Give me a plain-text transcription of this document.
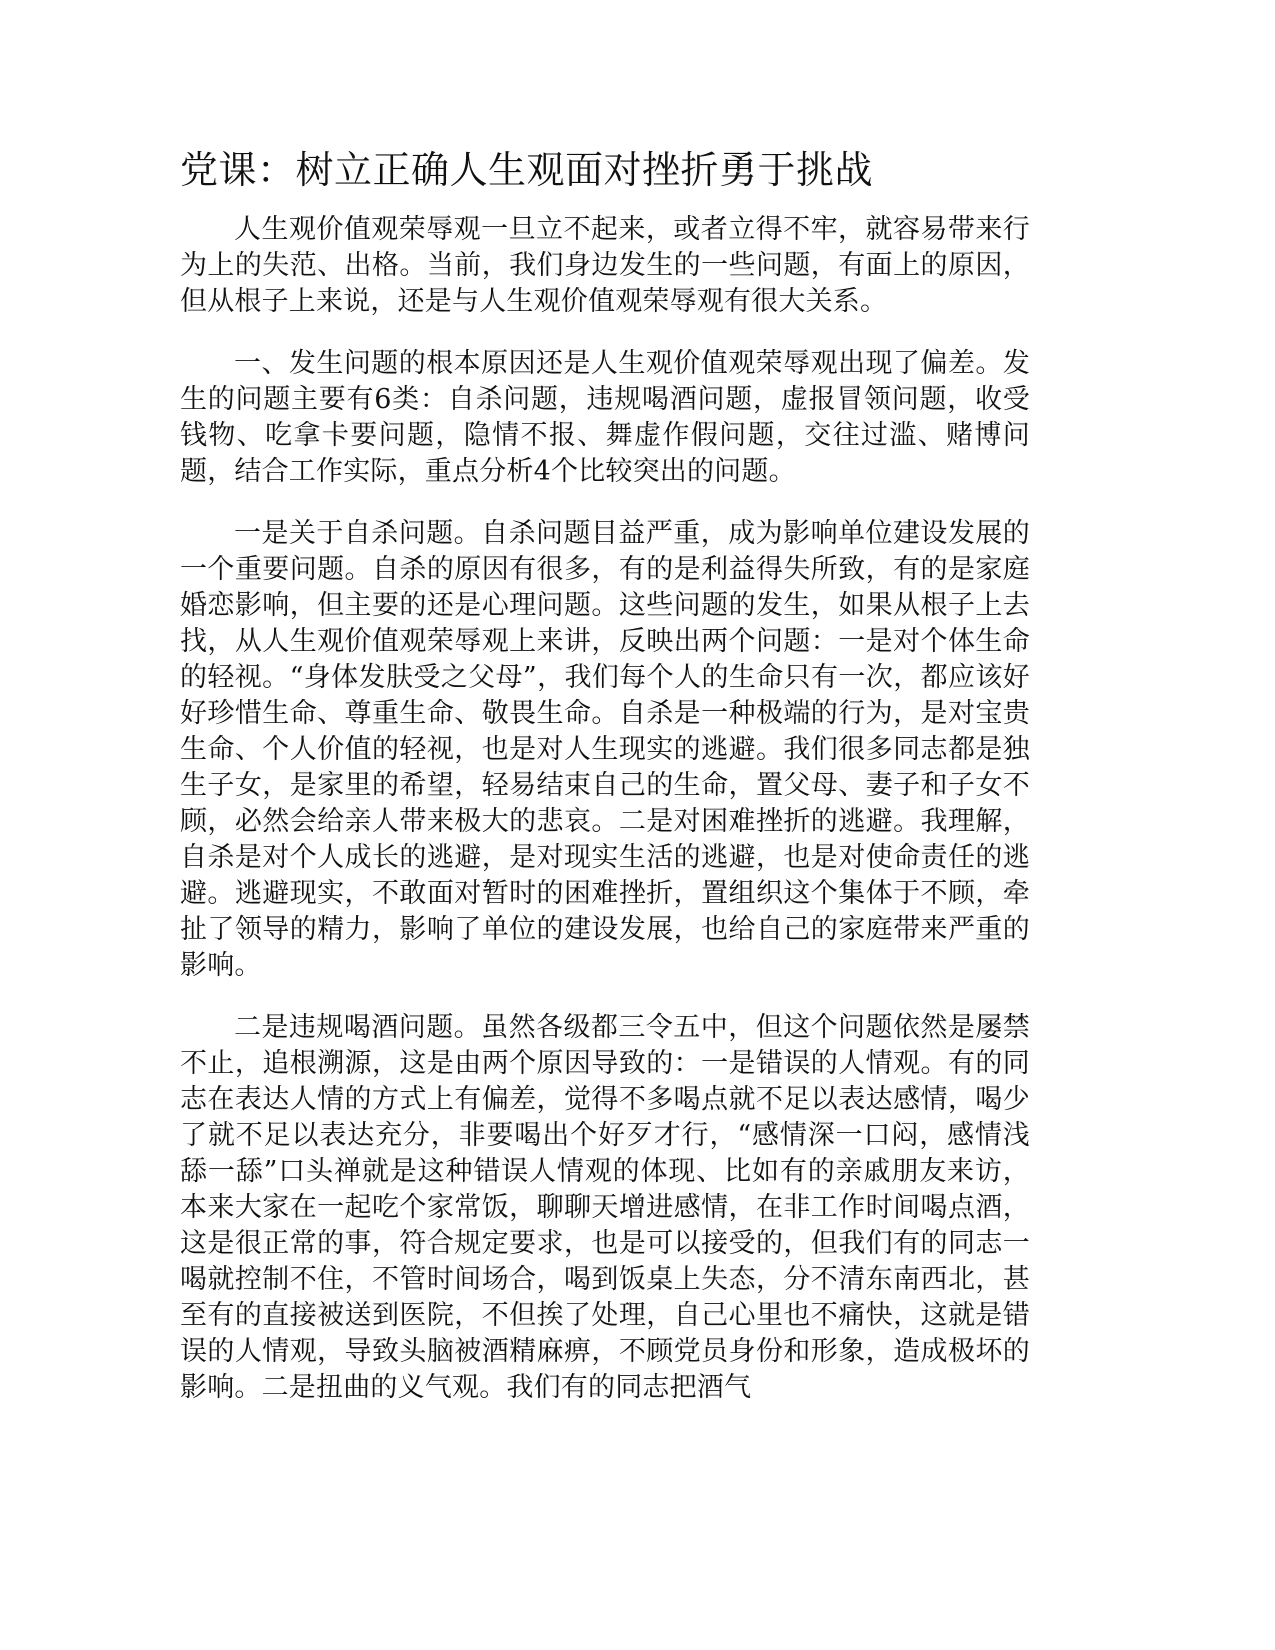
党课：树立正确人生观面对挫折勇于挑战

人生观价值观荣辱观一旦立不起来，或者立得不牢，就容易带来行为上的失范、出格。当前，我们身边发生的一些问题，有面上的原因，但从根子上来说，还是与人生观价值观荣辱观有很大关系。

一、发生问题的根本原因还是人生观价值观荣辱观出现了偏差。发生的问题主要有6类：自杀问题，违规喝酒问题，虚报冒领问题，收受钱物、吃拿卡要问题，隐情不报、舞虚作假问题，交往过滥、赌博问题，结合工作实际，重点分析4个比较突出的问题。

一是关于自杀问题。自杀问题目益严重，成为影响单位建设发展的一个重要问题。自杀的原因有很多，有的是利益得失所致，有的是家庭婚恋影响，但主要的还是心理问题。这些问题的发生，如果从根子上去找，从人生观价值观荣辱观上来讲，反映出两个问题：一是对个体生命的轻视。“身体发肤受之父母”，我们每个人的生命只有一次，都应该好好珍惜生命、尊重生命、敬畏生命。自杀是一种极端的行为，是对宝贵生命、个人价值的轻视，也是对人生现实的逃避。我们很多同志都是独生子女，是家里的希望，轻易结束自己的生命，置父母、妻子和子女不顾，必然会给亲人带来极大的悲哀。二是对困难挫折的逃避。我理解，自杀是对个人成长的逃避，是对现实生活的逃避，也是对使命责任的逃避。逃避现实，不敢面对暂时的困难挫折，置组织这个集体于不顾，牵扯了领导的精力，影响了单位的建设发展，也给自己的家庭带来严重的影响。

二是违规喝酒问题。虽然各级都三令五中，但这个问题依然是屡禁不止，追根溯源，这是由两个原因导致的：一是错误的人情观。有的同志在表达人情的方式上有偏差，觉得不多喝点就不足以表达感情，喝少了就不足以表达充分，非要喝出个好歹才行，“感情深一口闷，感情浅舔一舔”口头禅就是这种错误人情观的体现、比如有的亲戚朋友来访，本来大家在一起吃个家常饭，聊聊天增进感情，在非工作时间喝点酒，这是很正常的事，符合规定要求，也是可以接受的，但我们有的同志一喝就控制不住，不管时间场合，喝到饭桌上失态，分不清东南西北，甚至有的直接被送到医院，不但挨了处理，自己心里也不痛快，这就是错误的人情观，导致头脑被酒精麻痹，不顾党员身份和形象，造成极坏的影响。二是扭曲的义气观。我们有的同志把酒气
